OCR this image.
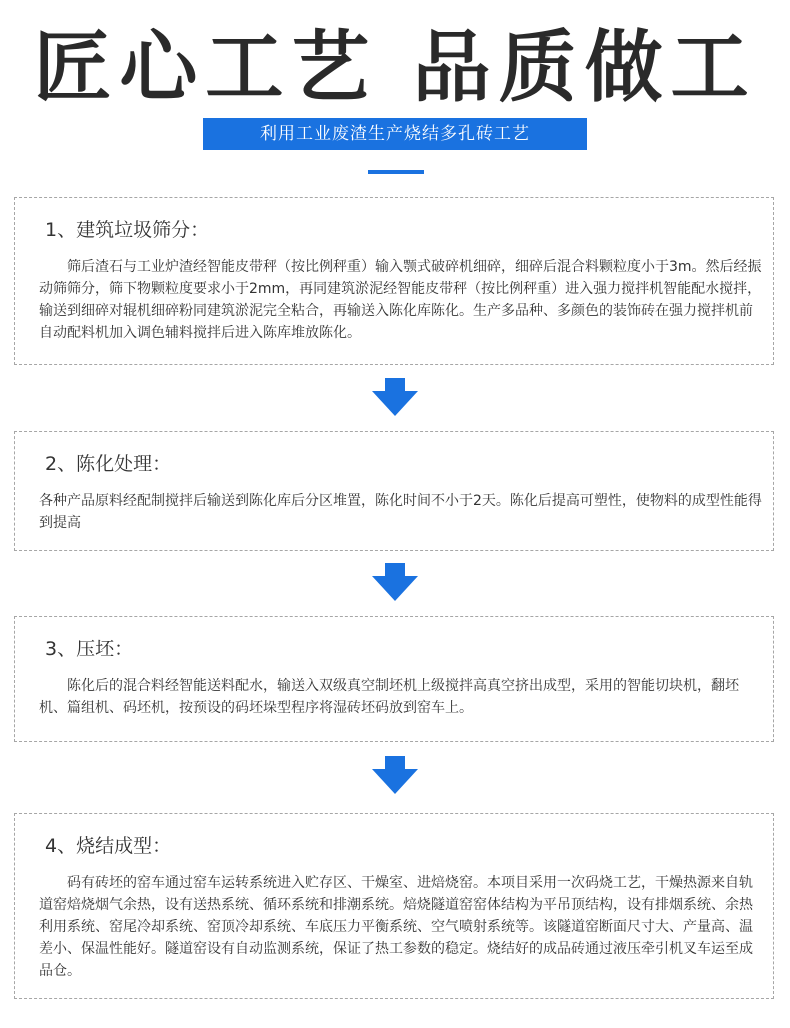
匠心工艺 品质做工
利用工业废渣生产烧结多孔砖工艺
1、建筑垃圾筛分：
筛后渣石与工业炉渣经智能皮带秤（按比例秤重）输入颚式破碎机细碎，细碎后混合料颗粒度小于3m。然后经振动筛筛分，筛下物颗粒度要求小于2mm，再同建筑淤泥经智能皮带秤（按比例秤重）进入强力搅拌机智能配水搅拌，输送到细碎对辊机细碎粉同建筑淤泥完全粘合，再输送入陈化库陈化。生产多品种、多颜色的装饰砖在强力搅拌机前自动配料机加入调色辅料搅拌后进入陈库堆放陈化。
2、陈化处理：
各种产品原料经配制搅拌后输送到陈化库后分区堆置，陈化时间不小于2天。陈化后提高可塑性，使物料的成型性能得到提高
3、压坯：
陈化后的混合料经智能送料配水，输送入双级真空制坯机上级搅拌高真空挤出成型，采用的智能切块机，翻坯机、篇组机、码坯机，按预设的码坯垛型程序将湿砖坯码放到窑车上。
4、烧结成型：
码有砖坯的窑车通过窑车运转系统进入贮存区、干燥室、进焙烧窑。本项目采用一次码烧工艺，干燥热源来自轨道窑焙烧烟气余热，设有送热系统、循环系统和排潮系统。焙烧隧道窑窑体结构为平吊顶结构，设有排烟系统、余热利用系统、窑尾冷却系统、窑顶冷却系统、车底压力平衡系统、空气喷射系统等。该隧道窑断面尺寸大、产量高、温差小、保温性能好。隧道窑设有自动监测系统，保证了热工参数的稳定。烧结好的成品砖通过液压牵引机叉车运至成品仓。
